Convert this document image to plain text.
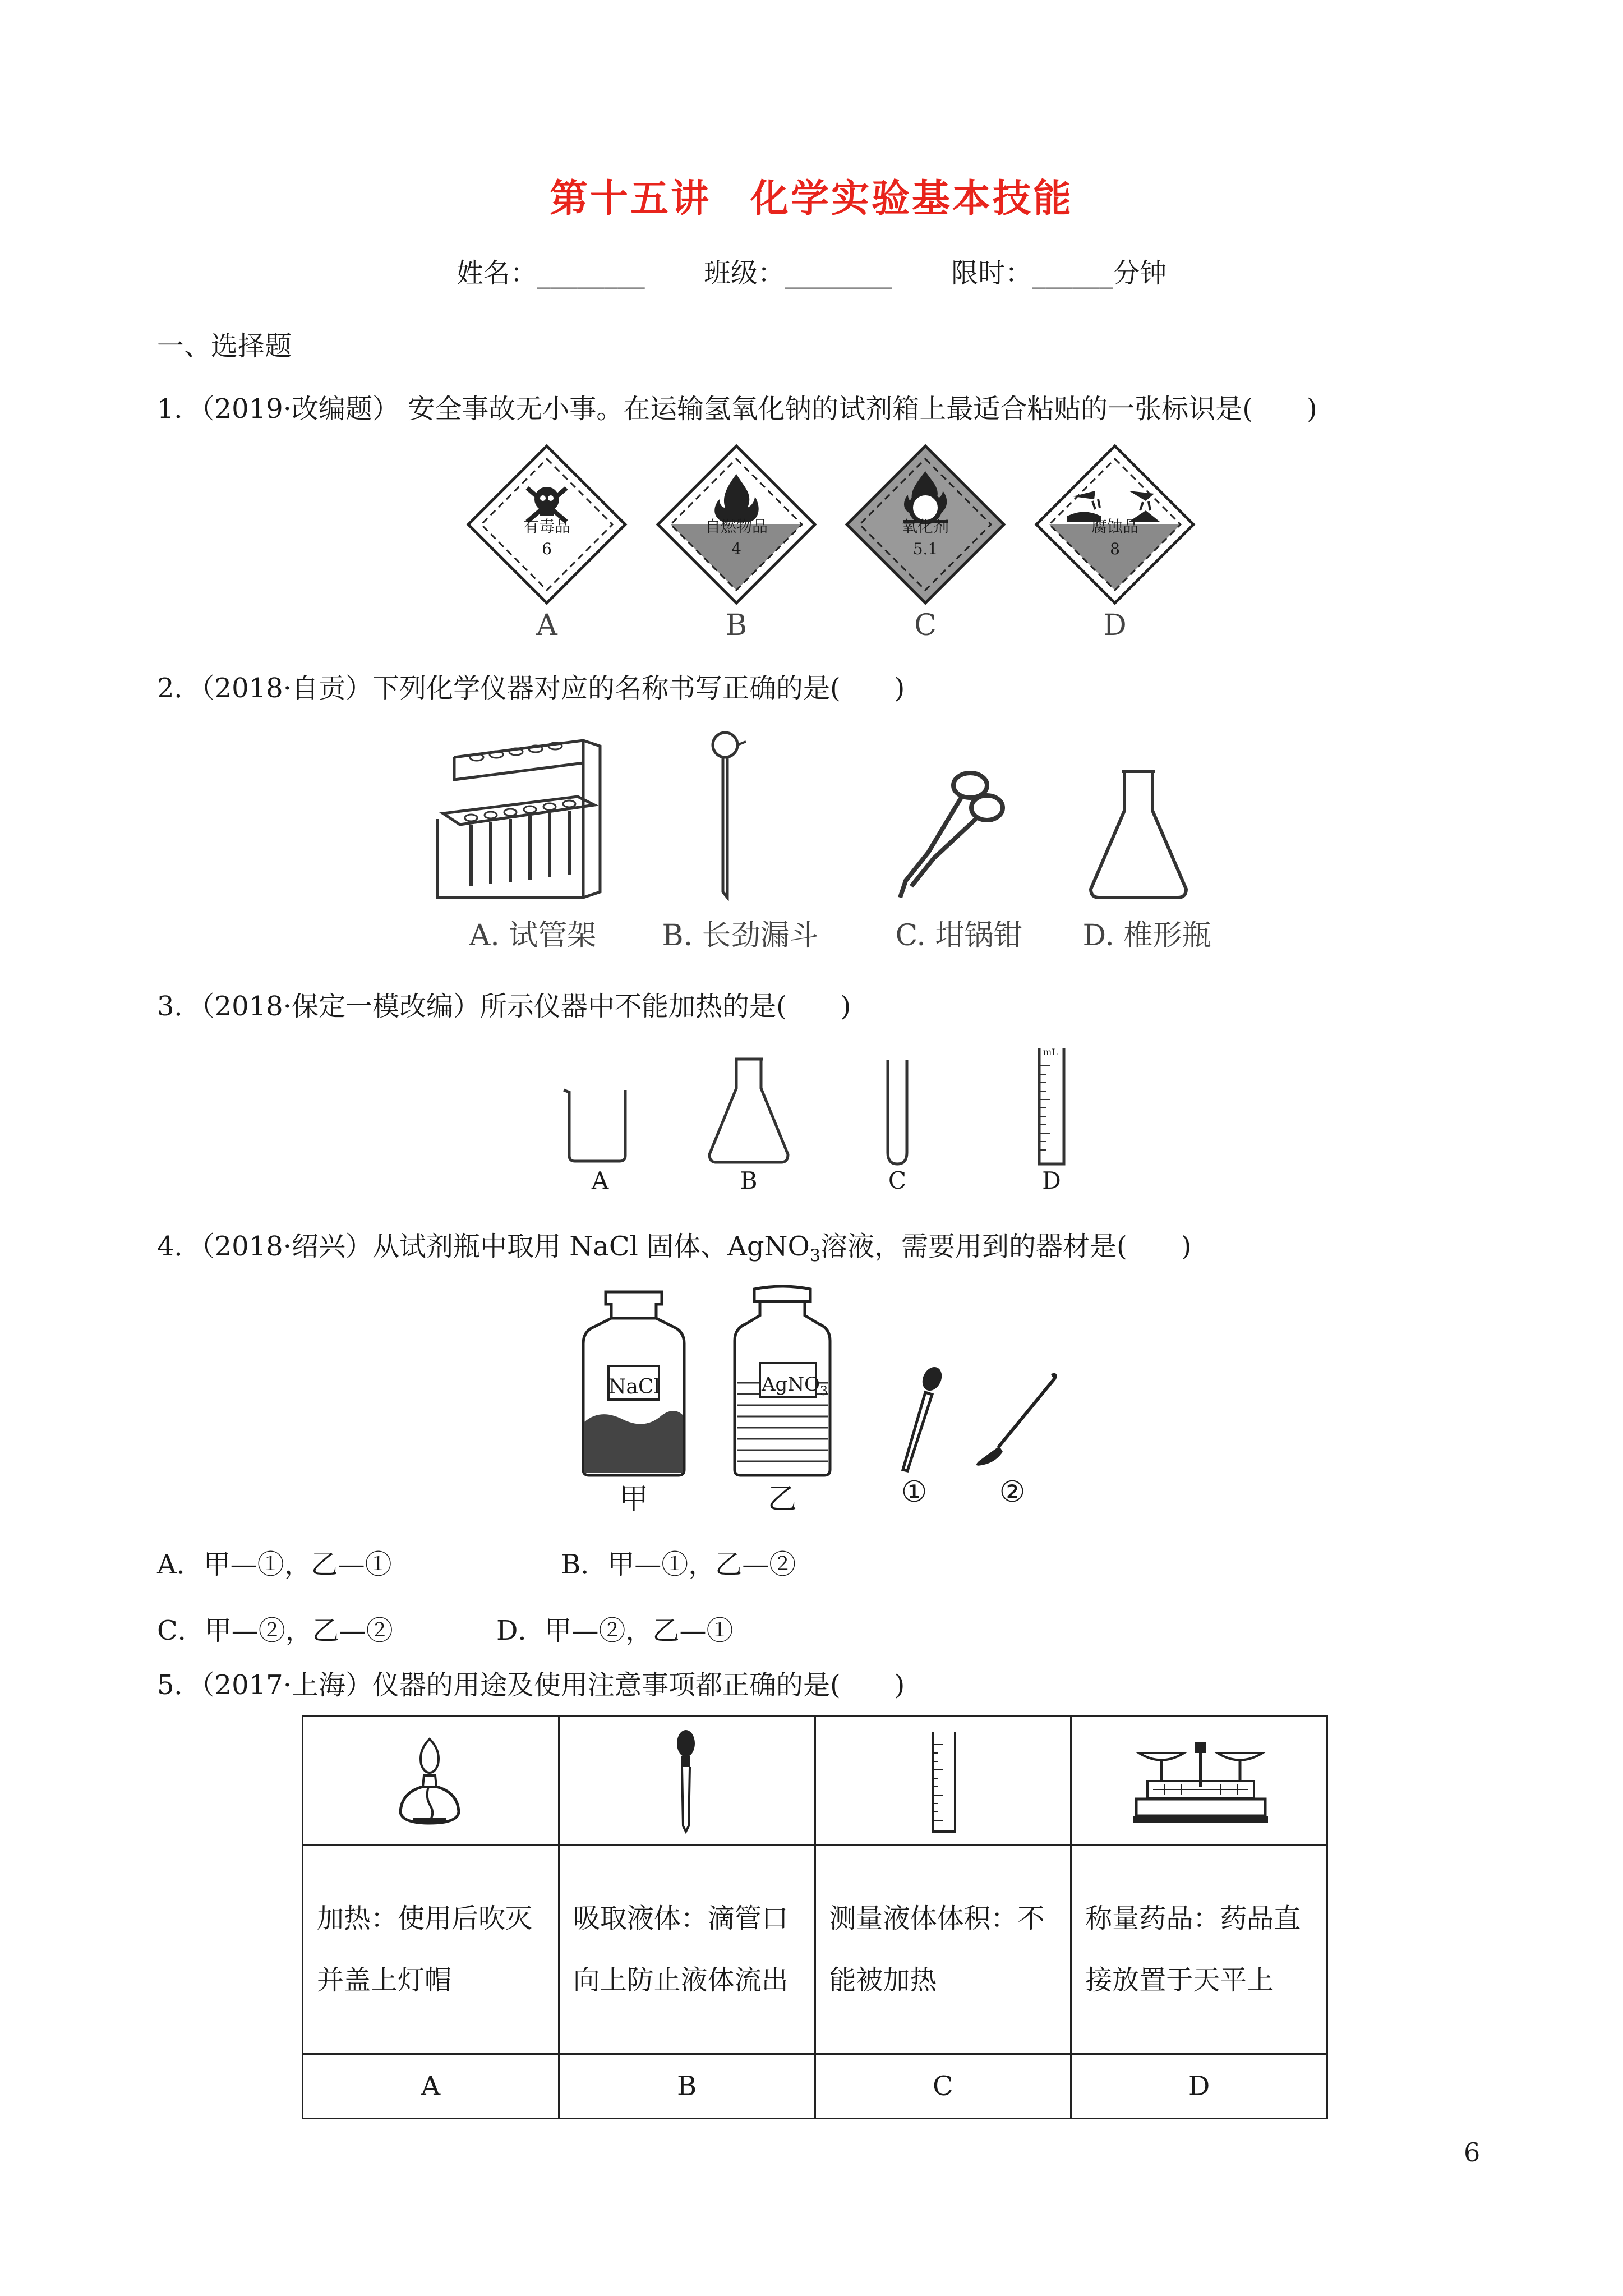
第十五讲 化学实验基本技能
姓名：________ 班级：________ 限时：______分钟
一、选择题
1．（2019·改编题） 安全事故无小事。在运输氢氧化钠的试剂箱上最适合粘贴的一张标识是(　　)
有毒品
6
自燃物品
4
氧化剂
5.1
腐蚀品
8
A	B	C	D
2．（2018·自贡）下列化学仪器对应的名称书写正确的是(　　)
A. 试管架	B. 长劲漏斗	C. 坩锅钳	D. 椎形瓶
3．（2018·保定一模改编）所示仪器中不能加热的是(　　)
mL
A	B	C	D
4．（2018·绍兴）从试剂瓶中取用 NaCl 固体、AgNO$_3$溶液，需要用到的器材是(　　)
NaCl	AgNO$_3$
甲	乙	①	②
A．甲—①，乙—①	B．甲—①，乙—②
C．甲—②，乙—②	D．甲—②，乙—①
5．（2017·上海）仪器的用途及使用注意事项都正确的是(　　)

加热：使用后吹灭并盖上灯帽	吸取液体：滴管口向上防止液体流出	测量液体体积：不能被加热	称量药品：药品直接放置于天平上
A	B	C	D
6
